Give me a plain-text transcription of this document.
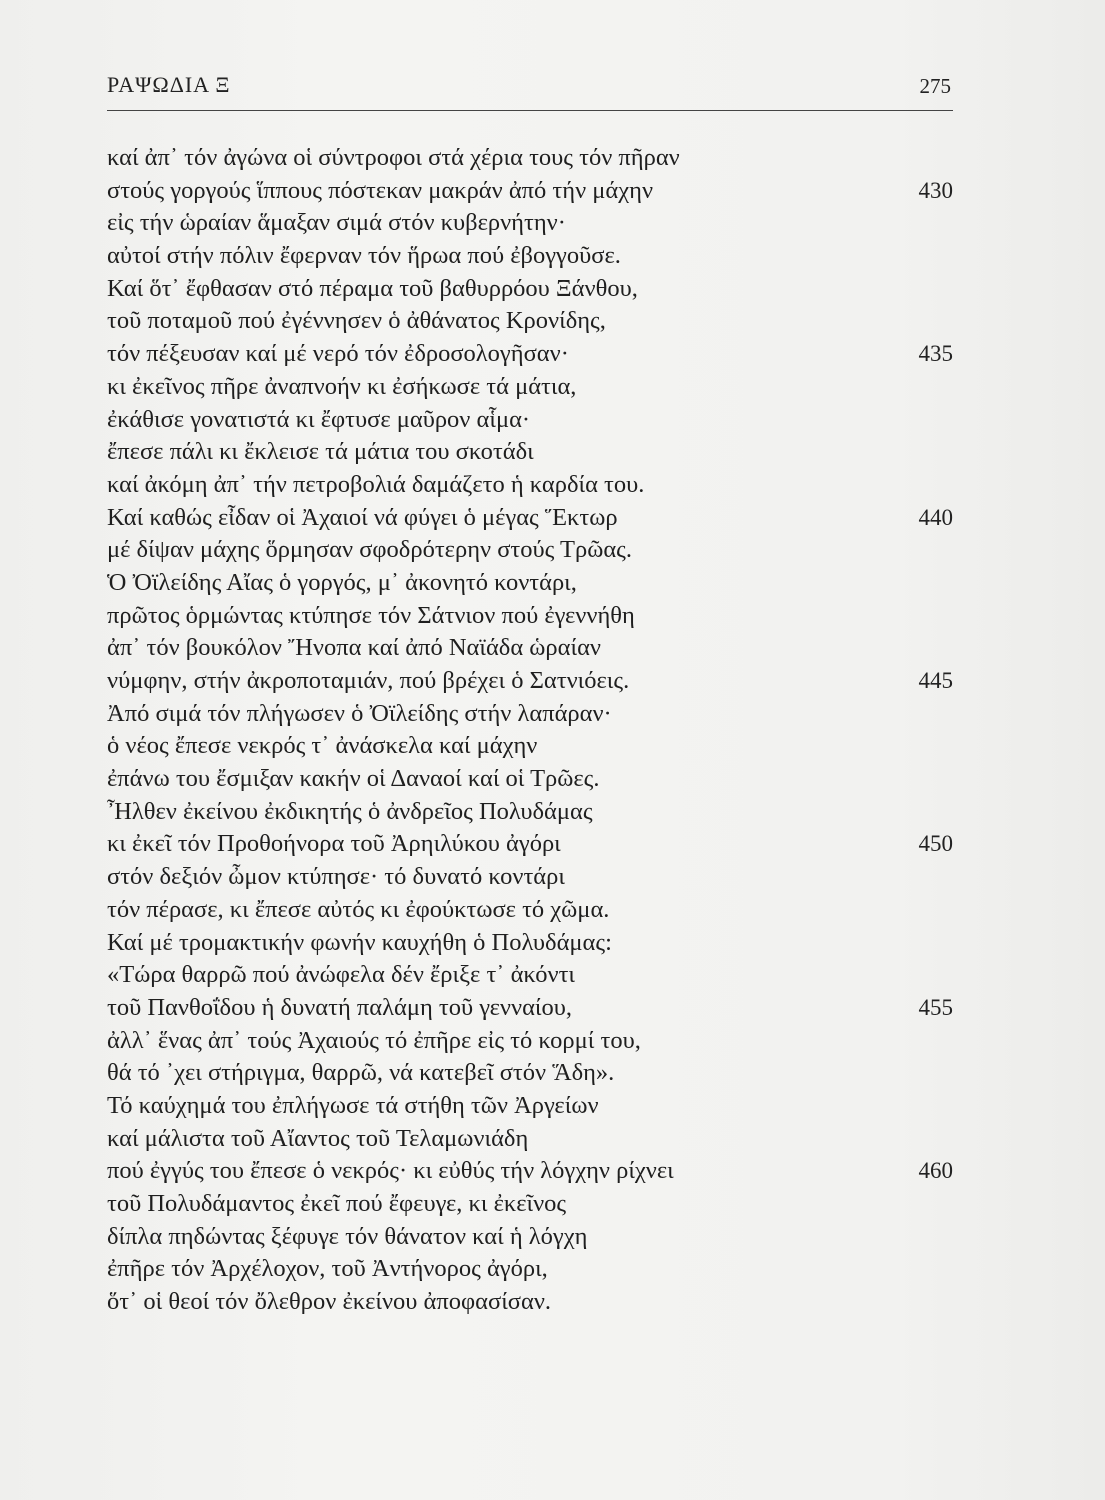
ΡΑΨΩΔΙΑ Ξ	275
καί ἀπ᾽ τόν ἀγώνα οἱ σύντροφοι στά χέρια τους τόν πῆραν
στούς γοργούς ἵππους πόστεκαν μακράν ἀπό τήν μάχην	430
εἰς τήν ὡραίαν ἅμαξαν σιμά στόν κυβερνήτην·
αὐτοί στήν πόλιν ἔφερναν τόν ἥρωα πού ἐβογγοῦσε.
Καί ὅτ᾽ ἔφθασαν στό πέραμα τοῦ βαθυρρόου Ξάνθου,
τοῦ ποταμοῦ πού ἐγέννησεν ὁ ἀθάνατος Κρονίδης,
τόν πέξευσαν καί μέ νερό τόν ἐδροσολογῆσαν·	435
κι ἐκεῖνος πῆρε ἀναπνοήν κι ἐσήκωσε τά μάτια,
ἐκάθισε γονατιστά κι ἔφτυσε μαῦρον αἷμα·
ἔπεσε πάλι κι ἔκλεισε τά μάτια του σκοτάδι
καί ἀκόμη ἀπ᾽ τήν πετροβολιά δαμάζετο ἡ καρδία του.
Καί καθώς εἶδαν οἱ Ἀχαιοί νά φύγει ὁ μέγας Ἕκτωρ	440
μέ δίψαν μάχης ὅρμησαν σφοδρότερην στούς Τρῶας.
Ὁ Ὀϊλείδης Αἴας ὁ γοργός, μ᾽ ἀκονητό κοντάρι,
πρῶτος ὁρμώντας κτύπησε τόν Σάτνιον πού ἐγεννήθη
ἀπ᾽ τόν βουκόλον Ἤνοπα καί ἀπό Ναϊάδα ὡραίαν
νύμφην, στήν ἀκροποταμιάν, πού βρέχει ὁ Σατνιόεις.	445
Ἀπό σιμά τόν πλήγωσεν ὁ Ὀϊλείδης στήν λαπάραν·
ὁ νέος ἔπεσε νεκρός τ᾽ ἀνάσκελα καί μάχην
ἐπάνω του ἔσμιξαν κακήν οἱ Δαναοί καί οἱ Τρῶες.
Ἦλθεν ἐκείνου ἐκδικητής ὁ ἀνδρεῖος Πολυδάμας
κι ἐκεῖ τόν Προθοήνορα τοῦ Ἀρηιλύκου ἀγόρι	450
στόν δεξιόν ὦμον κτύπησε· τό δυνατό κοντάρι
τόν πέρασε, κι ἔπεσε αὐτός κι ἐφούκτωσε τό χῶμα.
Καί μέ τρομακτικήν φωνήν καυχήθη ὁ Πολυδάμας:
«Τώρα θαρρῶ πού ἀνώφελα δέν ἔριξε τ᾽ ἀκόντι
τοῦ Πανθοΐδου ἡ δυνατή παλάμη τοῦ γενναίου,	455
ἀλλ᾽ ἕνας ἀπ᾽ τούς Ἀχαιούς τό ἐπῆρε εἰς τό κορμί του,
θά τό ᾽χει στήριγμα, θαρρῶ, νά κατεβεῖ στόν Ἅδη».
Τό καύχημά του ἐπλήγωσε τά στήθη τῶν Ἀργείων
καί μάλιστα τοῦ Αἴαντος τοῦ Τελαμωνιάδη
πού ἐγγύς του ἔπεσε ὁ νεκρός· κι εὐθύς τήν λόγχην ρίχνει	460
τοῦ Πολυδάμαντος ἐκεῖ πού ἔφευγε, κι ἐκεῖνος
δίπλα πηδώντας ξέφυγε τόν θάνατον καί ἡ λόγχη
ἐπῆρε τόν Ἀρχέλοχον, τοῦ Ἀντήνορος ἀγόρι,
ὅτ᾽ οἱ θεοί τόν ὄλεθρον ἐκείνου ἀποφασίσαν.
